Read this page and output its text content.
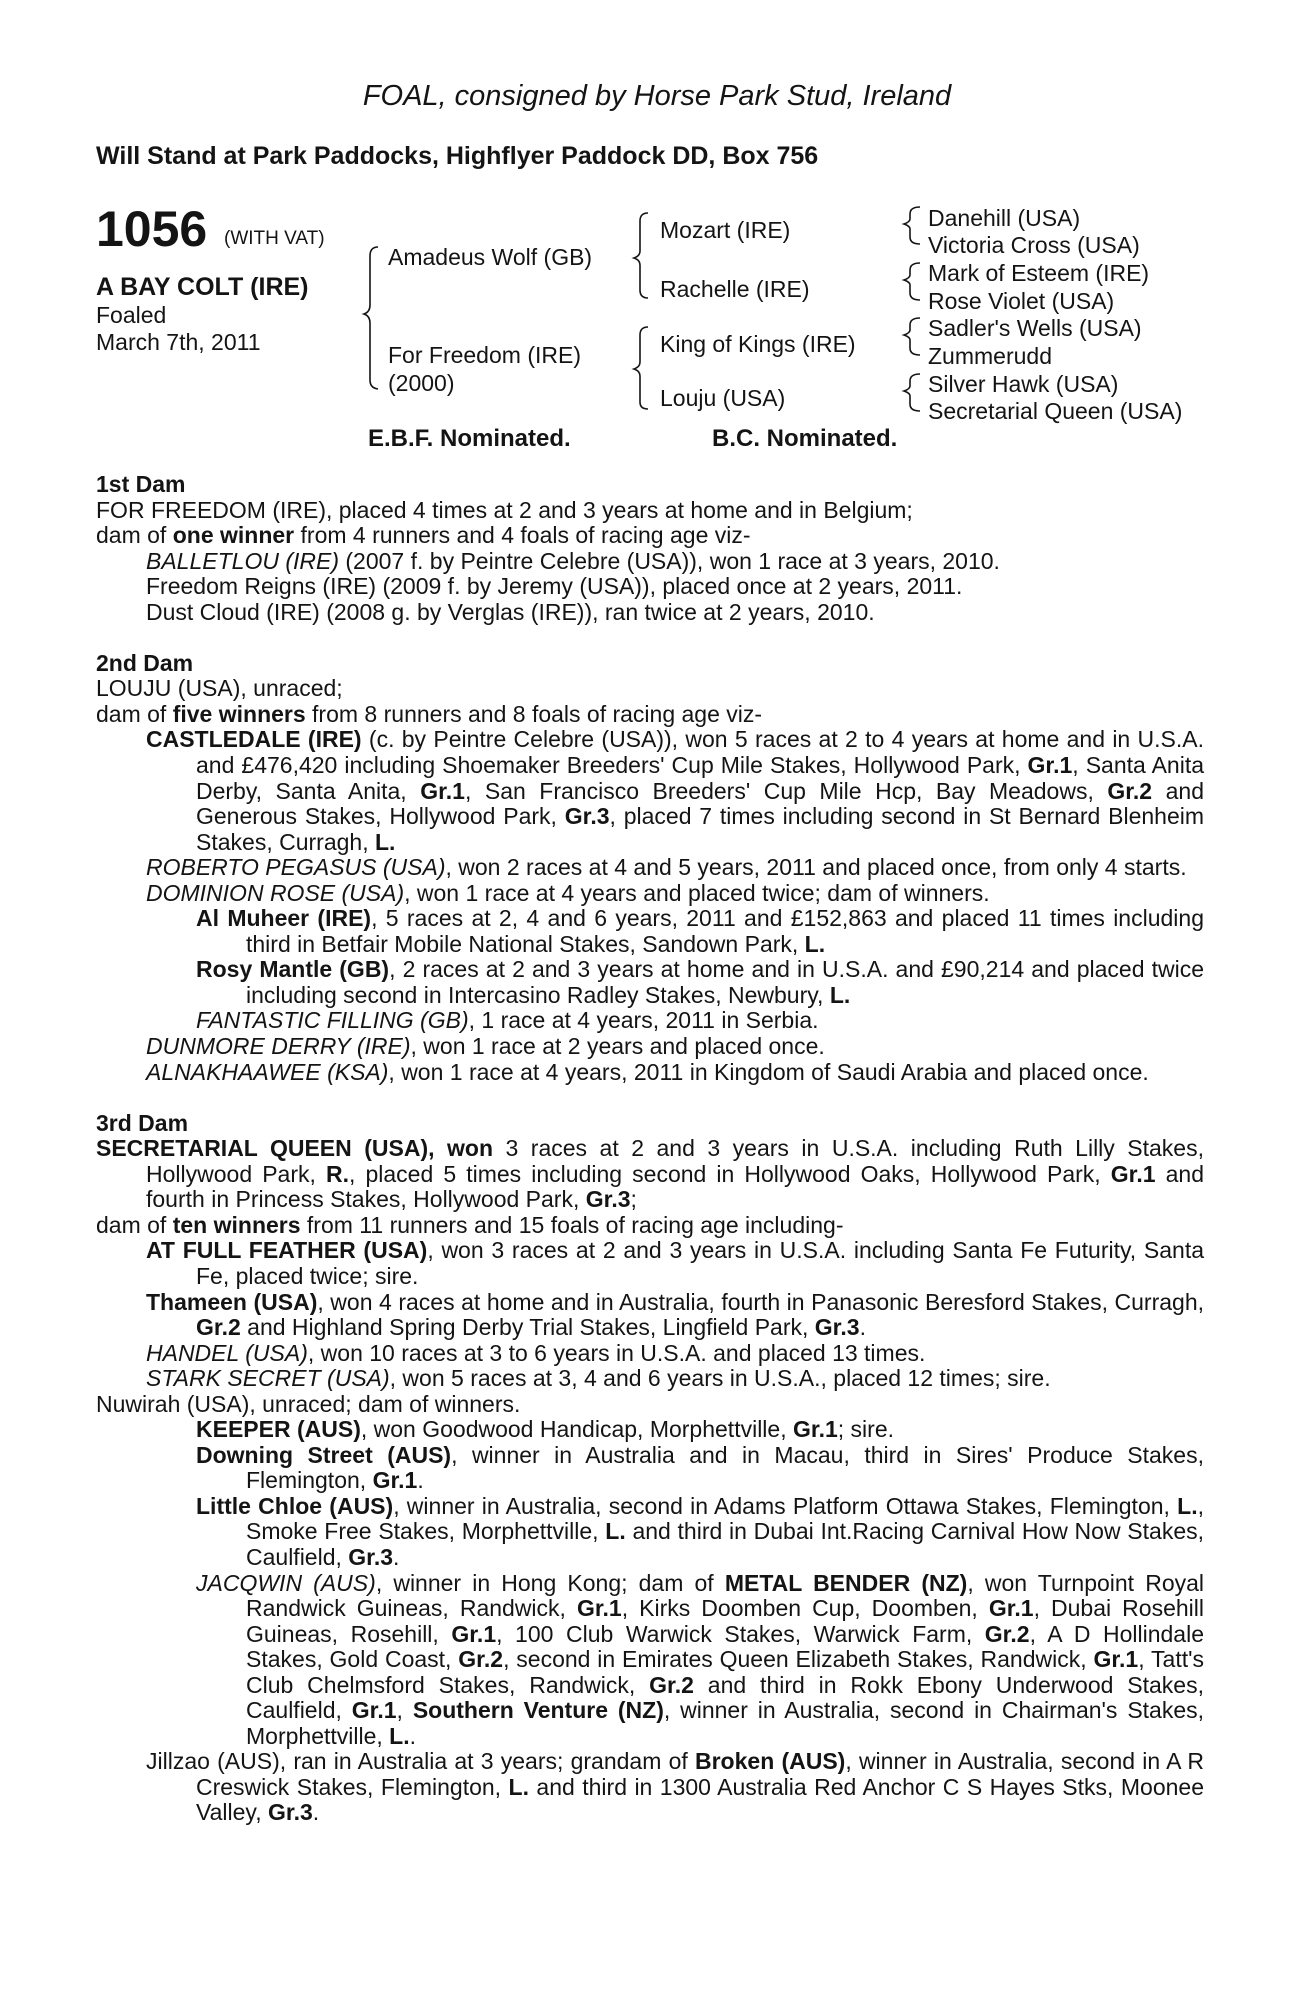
FOAL, consigned by Horse Park Stud, Ireland
Will Stand at Park Paddocks, Highflyer Paddock DD, Box 756
1056 (WITH VAT)
A BAY COLT (IRE)
Foaled
March 7th, 2011
Amadeus Wolf (GB)
For Freedom (IRE)
(2000)
Mozart (IRE)
Rachelle (IRE)
King of Kings (IRE)
Louju (USA)
Danehill (USA)
Victoria Cross (USA)
Mark of Esteem (IRE)
Rose Violet (USA)
Sadler's Wells (USA)
Zummerudd
Silver Hawk (USA)
Secretarial Queen (USA)
E.B.F. Nominated.	B.C. Nominated.

1st Dam

FOR FREEDOM (IRE), placed 4 times at 2 and 3 years at home and in Belgium;

dam of one winner from 4 runners and 4 foals of racing age viz-

BALLETLOU (IRE) (2007 f. by Peintre Celebre (USA)), won 1 race at 3 years, 2010.

Freedom Reigns (IRE) (2009 f. by Jeremy (USA)), placed once at 2 years, 2011.

Dust Cloud (IRE) (2008 g. by Verglas (IRE)), ran twice at 2 years, 2010.

2nd Dam

LOUJU (USA), unraced;

dam of five winners from 8 runners and 8 foals of racing age viz-

CASTLEDALE (IRE) (c. by Peintre Celebre (USA)), won 5 races at 2 to 4 years at home and in U.S.A. and £476,420 including Shoemaker Breeders' Cup Mile Stakes, Hollywood Park, Gr.1, Santa Anita Derby, Santa Anita, Gr.1, San Francisco Breeders' Cup Mile Hcp, Bay Meadows, Gr.2 and Generous Stakes, Hollywood Park, Gr.3, placed 7 times including second in St Bernard Blenheim Stakes, Curragh, L.

ROBERTO PEGASUS (USA), won 2 races at 4 and 5 years, 2011 and placed once, from only 4 starts.

DOMINION ROSE (USA), won 1 race at 4 years and placed twice; dam of winners.

Al Muheer (IRE), 5 races at 2, 4 and 6 years, 2011 and £152,863 and placed 11 times including third in Betfair Mobile National Stakes, Sandown Park, L.

Rosy Mantle (GB), 2 races at 2 and 3 years at home and in U.S.A. and £90,214 and placed twice including second in Intercasino Radley Stakes, Newbury, L.

FANTASTIC FILLING (GB), 1 race at 4 years, 2011 in Serbia.

DUNMORE DERRY (IRE), won 1 race at 2 years and placed once.

ALNAKHAAWEE (KSA), won 1 race at 4 years, 2011 in Kingdom of Saudi Arabia and placed once.

3rd Dam

SECRETARIAL QUEEN (USA), won 3 races at 2 and 3 years in U.S.A. including Ruth Lilly Stakes, Hollywood Park, R., placed 5 times including second in Hollywood Oaks, Hollywood Park, Gr.1 and fourth in Princess Stakes, Hollywood Park, Gr.3;

dam of ten winners from 11 runners and 15 foals of racing age including-

AT FULL FEATHER (USA), won 3 races at 2 and 3 years in U.S.A. including Santa Fe Futurity, Santa Fe, placed twice; sire.

Thameen (USA), won 4 races at home and in Australia, fourth in Panasonic Beresford Stakes, Curragh, Gr.2 and Highland Spring Derby Trial Stakes, Lingfield Park, Gr.3.

HANDEL (USA), won 10 races at 3 to 6 years in U.S.A. and placed 13 times.

STARK SECRET (USA), won 5 races at 3, 4 and 6 years in U.S.A., placed 12 times; sire.

Nuwirah (USA), unraced; dam of winners.

KEEPER (AUS), won Goodwood Handicap, Morphettville, Gr.1; sire.

Downing Street (AUS), winner in Australia and in Macau, third in Sires' Produce Stakes, Flemington, Gr.1.

Little Chloe (AUS), winner in Australia, second in Adams Platform Ottawa Stakes, Flemington, L., Smoke Free Stakes, Morphettville, L. and third in Dubai Int.Racing Carnival How Now Stakes, Caulfield, Gr.3.

JACQWIN (AUS), winner in Hong Kong; dam of METAL BENDER (NZ), won Turnpoint Royal Randwick Guineas, Randwick, Gr.1, Kirks Doomben Cup, Doomben, Gr.1, Dubai Rosehill Guineas, Rosehill, Gr.1, 100 Club Warwick Stakes, Warwick Farm, Gr.2, A D Hollindale Stakes, Gold Coast, Gr.2, second in Emirates Queen Elizabeth Stakes, Randwick, Gr.1, Tatt's Club Chelmsford Stakes, Randwick, Gr.2 and third in Rokk Ebony Underwood Stakes, Caulfield, Gr.1, Southern Venture (NZ), winner in Australia, second in Chairman's Stakes, Morphettville, L..

Jillzao (AUS), ran in Australia at 3 years; grandam of Broken (AUS), winner in Australia, second in A R Creswick Stakes, Flemington, L. and third in 1300 Australia Red Anchor C S Hayes Stks, Moonee Valley, Gr.3.
